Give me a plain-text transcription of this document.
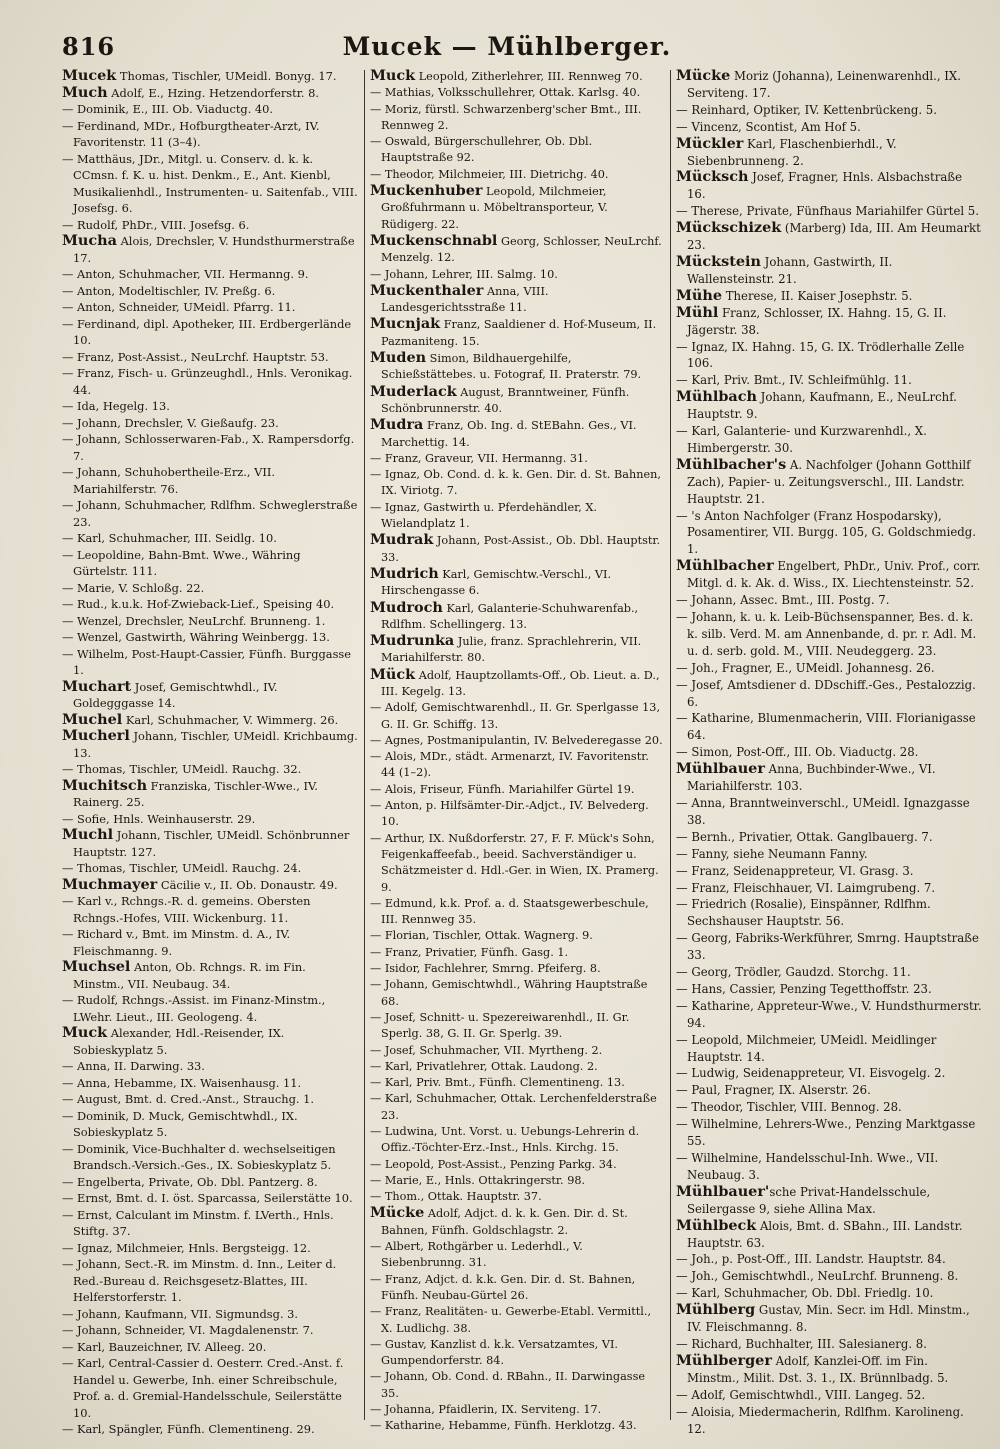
816	Mucek — Mühlberger.

Mucek Thomas, Tischler, UMeidl. Bonyg. 17.

Much Adolf, E., Hzing. Hetzendorferstr. 8.

— Dominik, E., III. Ob. Viaductg. 40.

— Ferdinand, MDr., Hofburgtheater-Arzt, IV. Favoritenstr. 11 (3–4).

— Matthäus, JDr., Mitgl. u. Conserv. d. k. k. CCmsn. f. K. u. hist. Denkm., E., Ant. Kienbl, Musikalienhdl., Instrumenten- u. Saitenfab., VIII. Josefsg. 6.

— Rudolf, PhDr., VIII. Josefsg. 6.

Mucha Alois, Drechsler, V. Hundsthurmerstraße 17.

— Anton, Schuhmacher, VII. Hermanng. 9.

— Anton, Modeltischler, IV. Preßg. 6.

— Anton, Schneider, UMeidl. Pfarrg. 11.

— Ferdinand, dipl. Apotheker, III. Erdbergerlände 10.

— Franz, Post-Assist., NeuLrchf. Hauptstr. 53.

— Franz, Fisch- u. Grünzeughdl., Hnls. Veronikag. 44.

— Ida, Hegelg. 13.

— Johann, Drechsler, V. Gießaufg. 23.

— Johann, Schlosserwaren-Fab., X. Rampersdorfg. 7.

— Johann, Schuhobertheile-Erz., VII. Mariahilferstr. 76.

— Johann, Schuhmacher, Rdlfhm. Schweglerstraße 23.

— Karl, Schuhmacher, III. Seidlg. 10.

— Leopoldine, Bahn-Bmt. Wwe., Währing Gürtelstr. 111.

— Marie, V. Schloßg. 22.

— Rud., k.u.k. Hof-Zwieback-Lief., Speising 40.

— Wenzel, Drechsler, NeuLrchf. Brunneng. 1.

— Wenzel, Gastwirth, Währing Weinbergg. 13.

— Wilhelm, Post-Haupt-Cassier, Fünfh. Burggasse 1.

Muchart Josef, Gemischtwhdl., IV. Goldegggasse 14.

Muchel Karl, Schuhmacher, V. Wimmerg. 26.

Mucherl Johann, Tischler, UMeidl. Krichbaumg. 13.

— Thomas, Tischler, UMeidl. Rauchg. 32.

Muchitsch Franziska, Tischler-Wwe., IV. Rainerg. 25.

— Sofie, Hnls. Weinhauserstr. 29.

Muchl Johann, Tischler, UMeidl. Schönbrunner Hauptstr. 127.

— Thomas, Tischler, UMeidl. Rauchg. 24.

Muchmayer Cäcilie v., II. Ob. Donaustr. 49.

— Karl v., Rchngs.-R. d. gemeins. Obersten Rchngs.-Hofes, VIII. Wickenburg. 11.

— Richard v., Bmt. im Minstm. d. A., IV. Fleischmanng. 9.

Muchsel Anton, Ob. Rchngs. R. im Fin. Minstm., VII. Neubaug. 34.

— Rudolf, Rchngs.-Assist. im Finanz-Minstm., LWehr. Lieut., III. Geologeng. 4.

Muck Alexander, Hdl.-Reisender, IX. Sobieskyplatz 5.

— Anna, II. Darwing. 33.

— Anna, Hebamme, IX. Waisenhausg. 11.

— August, Bmt. d. Cred.-Anst., Strauchg. 1.

— Dominik, D. Muck, Gemischtwhdl., IX. Sobieskyplatz 5.

— Dominik, Vice-Buchhalter d. wechselseitigen Brandsch.-Versich.-Ges., IX. Sobieskyplatz 5.

— Engelberta, Private, Ob. Dbl. Pantzerg. 8.

— Ernst, Bmt. d. I. öst. Sparcassa, Seilerstätte 10.

— Ernst, Calculant im Minstm. f. LVerth., Hnls. Stiftg. 37.

— Ignaz, Milchmeier, Hnls. Bergsteigg. 12.

— Johann, Sect.-R. im Minstm. d. Inn., Leiter d. Red.-Bureau d. Reichsgesetz-Blattes, III. Helferstorferstr. 1.

— Johann, Kaufmann, VII. Sigmundsg. 3.

— Johann, Schneider, VI. Magdalenenstr. 7.

— Karl, Bauzeichner, IV. Alleeg. 20.

— Karl, Central-Cassier d. Oesterr. Cred.-Anst. f. Handel u. Gewerbe, Inh. einer Schreibschule, Prof. a. d. Gremial-Handelsschule, Seilerstätte 10.

— Karl, Spängler, Fünfh. Clementineng. 29.

Muck Leopold, Zitherlehrer, III. Rennweg 70.

— Mathias, Volksschullehrer, Ottak. Karlsg. 40.

— Moriz, fürstl. Schwarzenberg'scher Bmt., III. Rennweg 2.

— Oswald, Bürgerschullehrer, Ob. Dbl. Hauptstraße 92.

— Theodor, Milchmeier, III. Dietrichg. 40.

Muckenhuber Leopold, Milchmeier, Großfuhrmann u. Möbeltransporteur, V. Rüdigerg. 22.

Muckenschnabl Georg, Schlosser, NeuLrchf. Menzelg. 12.

— Johann, Lehrer, III. Salmg. 10.

Muckenthaler Anna, VIII. Landesgerichtsstraße 11.

Mucnjak Franz, Saaldiener d. Hof-Museum, II. Pazmaniteng. 15.

Muden Simon, Bildhauergehilfe, Schießstättebes. u. Fotograf, II. Praterstr. 79.

Muderlack August, Branntweiner, Fünfh. Schönbrunnerstr. 40.

Mudra Franz, Ob. Ing. d. StEBahn. Ges., VI. Marchettig. 14.

— Franz, Graveur, VII. Hermanng. 31.

— Ignaz, Ob. Cond. d. k. k. Gen. Dir. d. St. Bahnen, IX. Viriotg. 7.

— Ignaz, Gastwirth u. Pferdehändler, X. Wielandplatz 1.

Mudrak Johann, Post-Assist., Ob. Dbl. Hauptstr. 33.

Mudrich Karl, Gemischtw.-Verschl., VI. Hirschengasse 6.

Mudroch Karl, Galanterie-Schuhwarenfab., Rdlfhm. Schellingerg. 13.

Mudrunka Julie, franz. Sprachlehrerin, VII. Mariahilferstr. 80.

Mück Adolf, Hauptzollamts-Off., Ob. Lieut. a. D., III. Kegelg. 13.

— Adolf, Gemischtwarenhdl., II. Gr. Sperlgasse 13, G. II. Gr. Schiffg. 13.

— Agnes, Postmanipulantin, IV. Belvederegasse 20.

— Alois, MDr., städt. Armenarzt, IV. Favoritenstr. 44 (1–2).

— Alois, Friseur, Fünfh. Mariahilfer Gürtel 19.

— Anton, p. Hilfsämter-Dir.-Adjct., IV. Belvederg. 10.

— Arthur, IX. Nußdorferstr. 27, F. F. Mück's Sohn, Feigenkaffeefab., beeid. Sachverständiger u. Schätzmeister d. Hdl.-Ger. in Wien, IX. Pramerg. 9.

— Edmund, k.k. Prof. a. d. Staatsgewerbeschule, III. Rennweg 35.

— Florian, Tischler, Ottak. Wagnerg. 9.

— Franz, Privatier, Fünfh. Gasg. 1.

— Isidor, Fachlehrer, Smrng. Pfeiferg. 8.

— Johann, Gemischtwhdl., Währing Hauptstraße 68.

— Josef, Schnitt- u. Spezereiwarenhdl., II. Gr. Sperlg. 38, G. II. Gr. Sperlg. 39.

— Josef, Schuhmacher, VII. Myrtheng. 2.

— Karl, Privatlehrer, Ottak. Laudong. 2.

— Karl, Priv. Bmt., Fünfh. Clementineng. 13.

— Karl, Schuhmacher, Ottak. Lerchenfelderstraße 23.

— Ludwina, Unt. Vorst. u. Uebungs-Lehrerin d. Offiz.-Töchter-Erz.-Inst., Hnls. Kirchg. 15.

— Leopold, Post-Assist., Penzing Parkg. 34.

— Marie, E., Hnls. Ottakringerstr. 98.

— Thom., Ottak. Hauptstr. 37.

Mücke Adolf, Adjct. d. k. k. Gen. Dir. d. St. Bahnen, Fünfh. Goldschlagstr. 2.

— Albert, Rothgärber u. Lederhdl., V. Siebenbrunng. 31.

— Franz, Adjct. d. k.k. Gen. Dir. d. St. Bahnen, Fünfh. Neubau-Gürtel 26.

— Franz, Realitäten- u. Gewerbe-Etabl. Vermittl., X. Ludlichg. 38.

— Gustav, Kanzlist d. k.k. Versatzamtes, VI. Gumpendorferstr. 84.

— Johann, Ob. Cond. d. RBahn., II. Darwingasse 35.

— Johanna, Pfaidlerin, IX. Serviteng. 17.

— Katharine, Hebamme, Fünfh. Herklotzg. 43.

Mücke Moriz (Johanna), Leinenwarenhdl., IX. Serviteng. 17.

— Reinhard, Optiker, IV. Kettenbrückeng. 5.

— Vincenz, Scontist, Am Hof 5.

Mückler Karl, Flaschenbierhdl., V. Siebenbrunneng. 2.

Mücksch Josef, Fragner, Hnls. Alsbachstraße 16.

— Therese, Private, Fünfhaus Mariahilfer Gürtel 5.

Mückschizek (Marberg) Ida, III. Am Heumarkt 23.

Mückstein Johann, Gastwirth, II. Wallensteinstr. 21.

Mühe Therese, II. Kaiser Josephstr. 5.

Mühl Franz, Schlosser, IX. Hahng. 15, G. II. Jägerstr. 38.

— Ignaz, IX. Hahng. 15, G. IX. Trödlerhalle Zelle 106.

— Karl, Priv. Bmt., IV. Schleifmühlg. 11.

Mühlbach Johann, Kaufmann, E., NeuLrchf. Hauptstr. 9.

— Karl, Galanterie- und Kurzwarenhdl., X. Himbergerstr. 30.

Mühlbacher's A. Nachfolger (Johann Gotthilf Zach), Papier- u. Zeitungsverschl., III. Landstr. Hauptstr. 21.

— 's Anton Nachfolger (Franz Hospodarsky), Posamentirer, VII. Burgg. 105, G. Goldschmiedg. 1.

Mühlbacher Engelbert, PhDr., Univ. Prof., corr. Mitgl. d. k. Ak. d. Wiss., IX. Liechtensteinstr. 52.

— Johann, Assec. Bmt., III. Postg. 7.

— Johann, k. u. k. Leib-Büchsenspanner, Bes. d. k. k. silb. Verd. M. am Annenbande, d. pr. r. Adl. M. u. d. serb. gold. M., VIII. Neudeggerg. 23.

— Joh., Fragner, E., UMeidl. Johannesg. 26.

— Josef, Amtsdiener d. DDschiff.-Ges., Pestalozzig. 6.

— Katharine, Blumenmacherin, VIII. Florianigasse 64.

— Simon, Post-Off., III. Ob. Viaductg. 28.

Mühlbauer Anna, Buchbinder-Wwe., VI. Mariahilferstr. 103.

— Anna, Branntweinverschl., UMeidl. Ignazgasse 38.

— Bernh., Privatier, Ottak. Ganglbauerg. 7.

— Fanny, siehe Neumann Fanny.

— Franz, Seidenappreteur, VI. Grasg. 3.

— Franz, Fleischhauer, VI. Laimgrubeng. 7.

— Friedrich (Rosalie), Einspänner, Rdlfhm. Sechshauser Hauptstr. 56.

— Georg, Fabriks-Werkführer, Smrng. Hauptstraße 33.

— Georg, Trödler, Gaudzd. Storchg. 11.

— Hans, Cassier, Penzing Tegetthoffstr. 23.

— Katharine, Appreteur-Wwe., V. Hundsthurmerstr. 94.

— Leopold, Milchmeier, UMeidl. Meidlinger Hauptstr. 14.

— Ludwig, Seidenappreteur, VI. Eisvogelg. 2.

— Paul, Fragner, IX. Alserstr. 26.

— Theodor, Tischler, VIII. Bennog. 28.

— Wilhelmine, Lehrers-Wwe., Penzing Marktgasse 55.

— Wilhelmine, Handelsschul-Inh. Wwe., VII. Neubaug. 3.

Mühlbauer'sche Privat-Handelsschule, Seilergasse 9, siehe Allina Max.

Mühlbeck Alois, Bmt. d. SBahn., III. Landstr. Hauptstr. 63.

— Joh., p. Post-Off., III. Landstr. Hauptstr. 84.

— Joh., Gemischtwhdl., NeuLrchf. Brunneng. 8.

— Karl, Schuhmacher, Ob. Dbl. Friedlg. 10.

Mühlberg Gustav, Min. Secr. im Hdl. Minstm., IV. Fleischmanng. 8.

— Richard, Buchhalter, III. Salesianerg. 8.

Mühlberger Adolf, Kanzlei-Off. im Fin. Minstm., Milit. Dst. 3. 1., IX. Brünnlbadg. 5.

— Adolf, Gemischtwhdl., VIII. Langeg. 52.

— Aloisia, Miedermacherin, Rdlfhm. Karolineng. 12.
